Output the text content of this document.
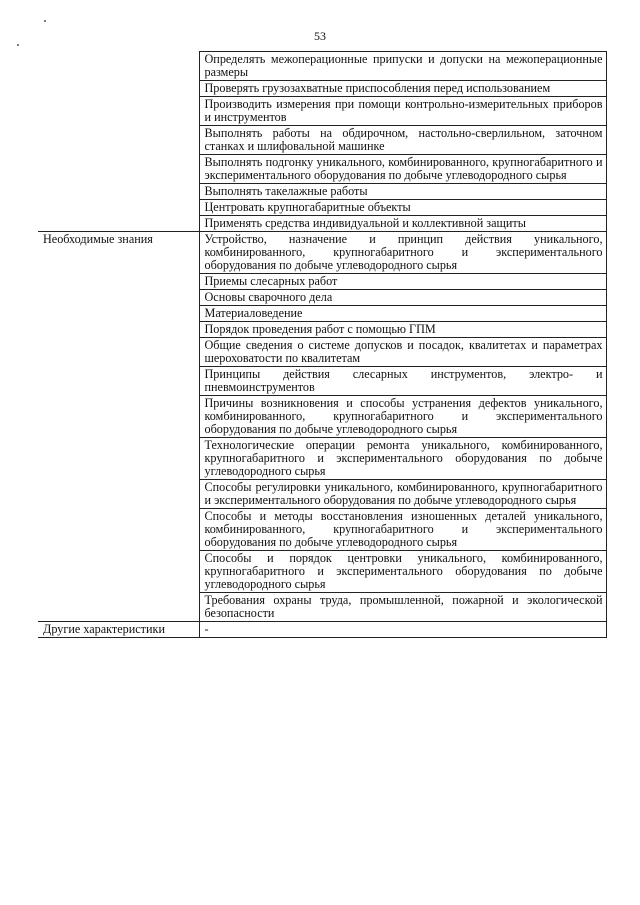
53
	Определять межоперационные припуски и допуски на межоперационные размеры
	Проверять грузозахватные приспособления перед использованием
	Производить измерения при помощи контрольно-измерительных приборов и инструментов
	Выполнять работы на обдирочном, настольно-сверлильном, заточном станках и шлифовальной машинке
	Выполнять подгонку уникального, комбинированного, крупногабаритного и экспериментального оборудования по добыче углеводородного сырья
	Выполнять такелажные работы
	Центровать крупногабаритные объекты
	Применять средства индивидуальной и коллективной защиты
Необходимые знания	Устройство, назначение и принцип действия уникального, комбинированного, крупногабаритного и экспериментального оборудования по добыче углеводородного сырья
	Приемы слесарных работ
	Основы сварочного дела
	Материаловедение
	Порядок проведения работ с помощью ГПМ
	Общие сведения о системе допусков и посадок, квалитетах и параметрах шероховатости по квалитетам
	Принципы действия слесарных инструментов, электро- и пневмоинструментов
	Причины возникновения и способы устранения дефектов уникального, комбинированного, крупногабаритного и экспериментального оборудования по добыче углеводородного сырья
	Технологические операции ремонта уникального, комбинированного, крупногабаритного и экспериментального оборудования по добыче углеводородного сырья
	Способы регулировки уникального, комбинированного, крупногабаритного и экспериментального оборудования по добыче углеводородного сырья
	Способы и методы восстановления изношенных деталей уникального, комбинированного, крупногабаритного и экспериментального оборудования по добыче углеводородного сырья
	Способы и порядок центровки уникального, комбинированного, крупногабаритного и экспериментального оборудования по добыче углеводородного сырья
	Требования охраны труда, промышленной, пожарной и экологической безопасности
Другие характеристики	-
